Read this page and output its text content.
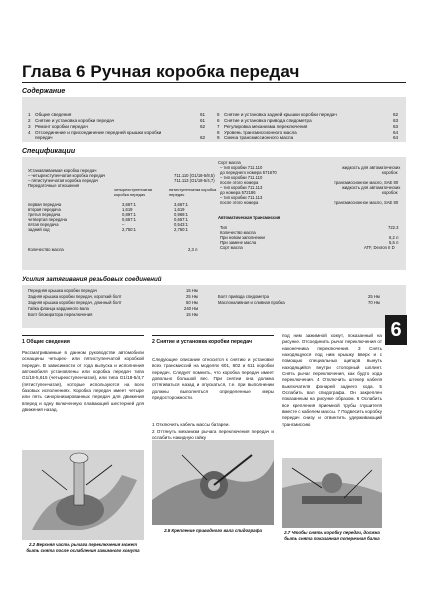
Глава 6 Ручная коробка передач
Содержание
1 Общие сведения	61
2 Снятие и установка коробки передач	61
3 Ремонт коробки передач	62
4 Отсоединение и присоединение передней крышки коробки
передач	62
5 Снятие и установка задней крышки коробки передач	62
6 Снятие и установка привода спидометра	63
7 Регулировка механизма переключения	63
8 Уровень трансмиссионного масла	64
9 Смена трансмиссионного масла	64
Спецификации
Устанавливаемая коробка передач
– четырехступенчатая коробка передач
– пятиступенчатая коробка передач
Передаточные отношения
711.110 (G1/18-5/8,5)
711.113 (G1/18-5/4,7)
четырехступенчатая коробка передач
пятиступенчатая коробка передач
первая передача	3,667:1	3,667:1
вторая передача	1,619	1,619
третья передача	0,897:1	0,969:1
четвертая передача	0,657:1	0,657:1
пятая передача	–	0,543:1
задний ход	2,750:1	2,750:1
Количество масла	2,3 л
Сорт масла
– тип коробки 711.110	жидкость для автоматических
до переднего номера 571670	коробок
– тип коробки 711.110
после этого номера	трансмиссионное масло, SAE 80
– тип коробки 711.113	жидкость для автоматических
до номера 572186	коробок
– тип коробки 711.113
после этого номера	трансмиссионное масло, SAE 80
Автоматическая трансмиссия
Тип	722.3
Количество масла
При новом заполнении	6,2 л
При замене масла	5,5 л
Сорт масла	ATF, Dexron II D
Усилия затягивания резьбовых соединений
Передняя крышка коробки передач	15 Нм
Задняя крышка коробки передач, короткий болт	25 Нм
Задняя крышка коробки передач, длинный болт	50 Нм
Гайка фланца карданного вала	240 Нм
Болт блокиратора переключения	15 Нм
Болт привода спидометра	25 Нм
Маслоналивная и сливная пробка	70 Нм
6
1 Общие сведения
Рассматриваемые в данном руководстве автомобили оснащены четырех- или пятиступенчатой коробкой передач. В зависимости от года выпуска и исполнения автомобиля установлены или коробка передач типа G1/18-5,615 (четырехступенчатая), или типа G1/18-5/4,7 (пятиступенчатая), которые используются на всех базовых исполнениях. Коробка передач имеет четыре или пять синхронизированных передач для движения вперед и одну включенную плавающей шестерней для движения назад.
2 Снятие и установка коробки передач
Следующее описание относится к снятию и установке всех трансмиссий на моделях 601, 602 и 611 коробки передач. Следует помнить, что коробка передач имеет довольно большой вес. При снятии она должна оттягиваться назад и опускаться, т.е. при выполнении должны выполняться определенные меры предосторожности.
1 Отключить кабель массы батареи.
2 Оттянуть механизм рычага переключения передач и ослабить накидную гайку
под ним зажимной хомут, показанный на рисунке. Отсоединить рычаг переключения от наконечника переключения. 3 Снять находящуюся под ним крышку вверх и с помощью специальных щипцов вынуть находящийся внутри стопорный шплинт. Снять рычаг переключения, как будто хода переключения. 4 Отключить штекер кабеля выключателя фонарей заднего хода. 5 Ослабить вал спидографа. Он закреплен показанным на рисунке образом. 6 Ослабить все крепления приемной трубы глушителя вместе с кабелем массы. 7 Подвесить коробку передач снизу и отвинтить удерживающий трансмиссию
2.2 Верхняя часть рычага переключения может быть снята после ослабления зажимного хомута
2.5 Крепление приводного вала спидографа	2.7 Чтобы снять коробку передач, должна быть снята показанная поперечная балка
